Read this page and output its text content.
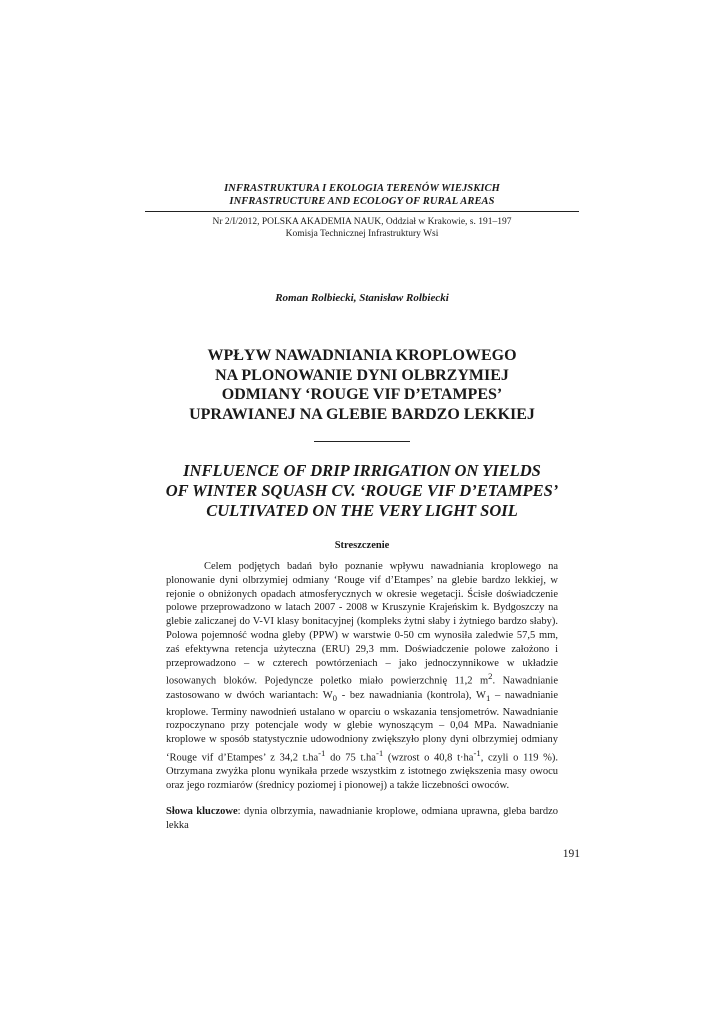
INFRASTRUKTURA I EKOLOGIA TERENÓW WIEJSKICH
INFRASTRUCTURE AND ECOLOGY OF RURAL AREAS
Nr 2/I/2012, POLSKA AKADEMIA NAUK, Oddział w Krakowie, s. 191–197
Komisja Technicznej Infrastruktury Wsi
Roman Rolbiecki, Stanisław Rolbiecki
WPŁYW NAWADNIANIA KROPLOWEGO
NA PLONOWANIE DYNI OLBRZYMIEJ
ODMIANY ‘ROUGE VIF D’ETAMPES’
UPRAWIANEJ NA GLEBIE BARDZO LEKKIEJ
INFLUENCE OF DRIP IRRIGATION ON YIELDS
OF WINTER SQUASH CV. ‘ROUGE VIF D’ETAMPES’
CULTIVATED ON THE VERY LIGHT SOIL
Streszczenie

Celem podjętych badań było poznanie wpływu nawadniania kroplowego na plonowanie dyni olbrzymiej odmiany ‘Rouge vif d’Etampes’ na glebie bardzo lekkiej, w rejonie o obniżonych opadach atmosferycznych w okresie wegetacji. Ścisłe doświadczenie polowe przeprowadzono w latach 2007 - 2008 w Kruszynie Krajeńskim k. Bydgoszczy na glebie zaliczanej do V-VI klasy bonitacyjnej (kompleks żytni słaby i żytniego bardzo słaby). Polowa pojemność wodna gleby (PPW) w warstwie 0-50 cm wynosiła zaledwie 57,5 mm, zaś efektywna retencja użyteczna (ERU) 29,3 mm. Doświadczenie polowe założono i przeprowadzono – w czterech powtórzeniach – jako jednoczynnikowe w układzie losowanych bloków. Pojedyncze poletko miało powierzchnię 11,2 $m^2$. Nawadnianie zastosowano w dwóch wariantach: $W_0$ - bez nawadniania (kontrola), $W_1$ – nawadnianie kroplowe. Terminy nawodnień ustalano w oparciu o wskazania tensjometrów. Nawadnianie rozpoczynano przy potencjale wody w glebie wynoszącym – 0,04 MPa. Nawadnianie kroplowe w sposób statystycznie udowodniony zwiększyło plony dyni olbrzymiej odmiany ‘Rouge vif d’Etampes’ z 34,2 $t.ha^{-1}$ do 75 $t.ha^{-1}$ (wzrost o 40,8 $t\cdot ha^{-1}$, czyli o 119 %). Otrzymana zwyżka plonu wynikała przede wszystkim z istotnego zwiększenia masy owocu oraz jego rozmiarów (średnicy poziomej i pionowej) a także liczebności owoców.

Słowa kluczowe: dynia olbrzymia, nawadnianie kroplowe, odmiana uprawna, gleba bardzo lekka
191
